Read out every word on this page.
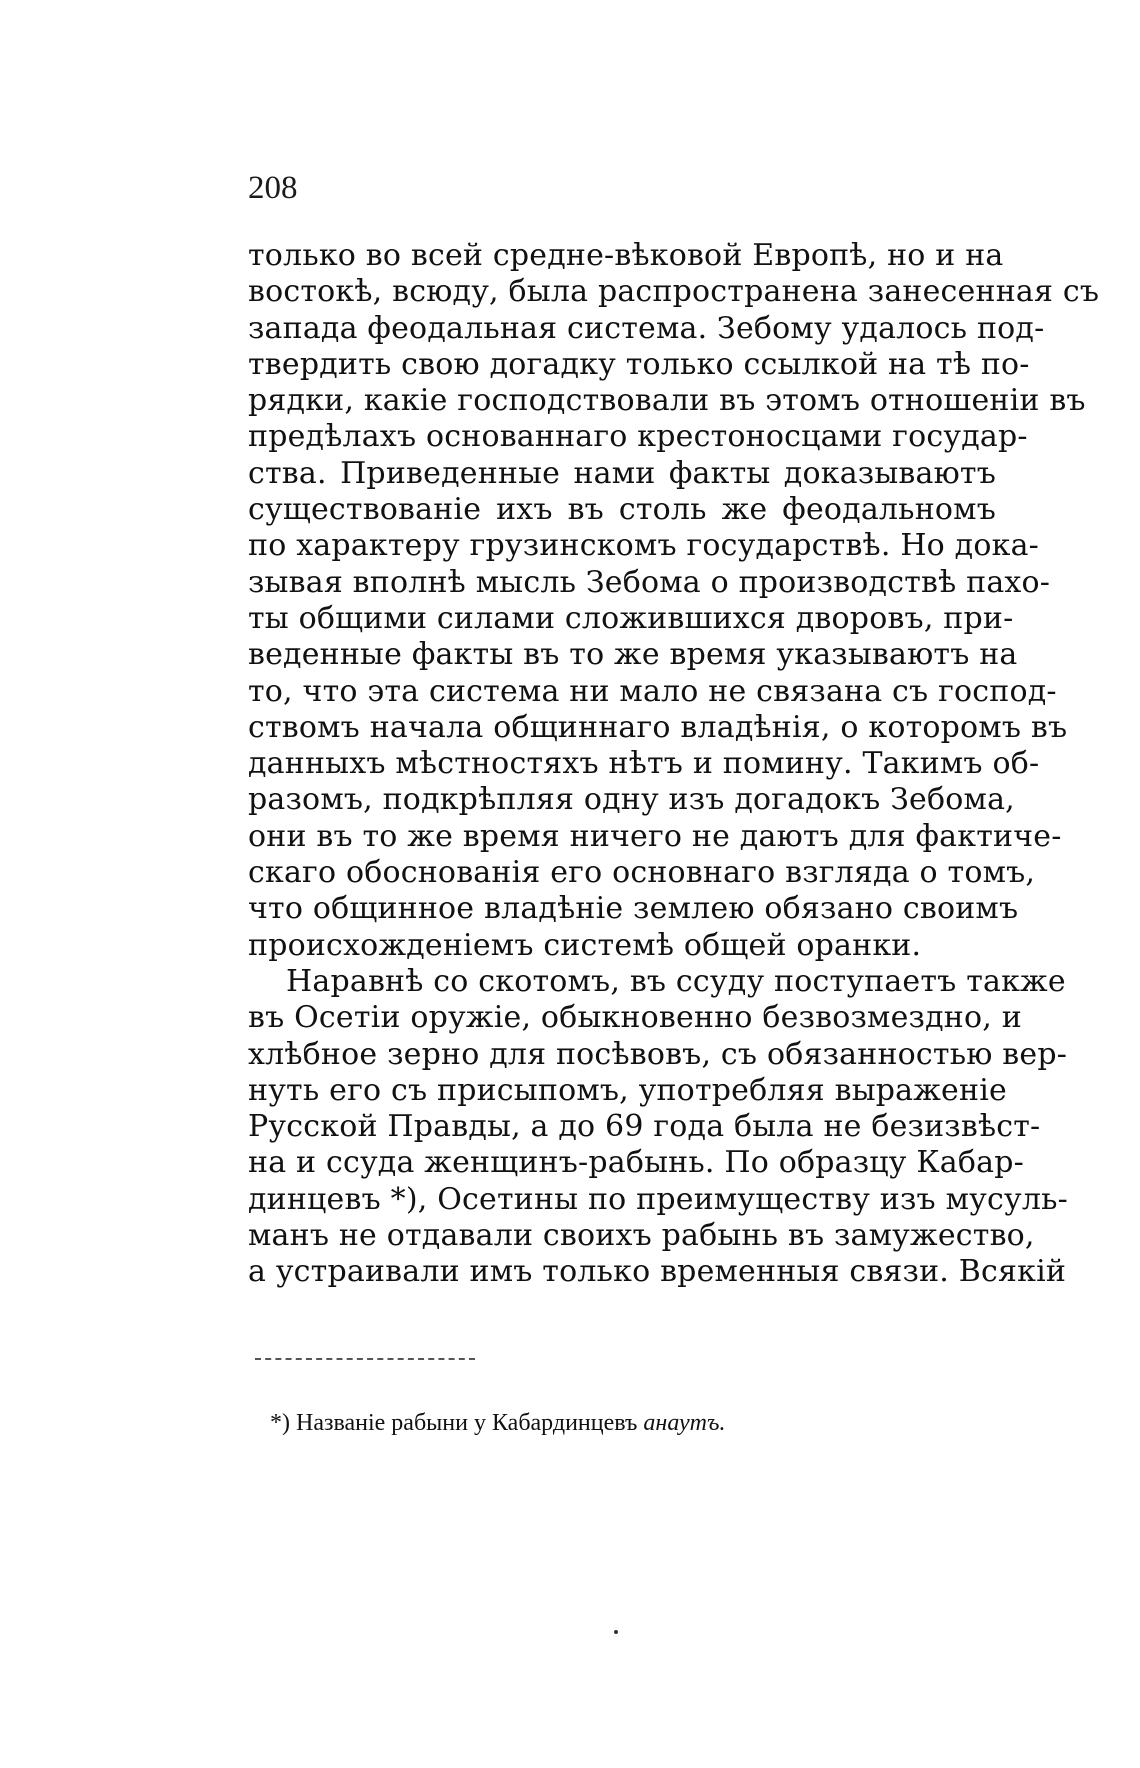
208
только во всей средне-вѣковой Европѣ, но и на
востокѣ, всюду, была распространена занесенная съ
запада феодальная система. Зебому удалось под-
твердить свою догадку только ссылкой на тѣ по-
рядки, какіе господствовали въ этомъ отношеніи въ
предѣлахъ основаннаго крестоносцами государ-
ства. Приведенные нами факты доказываютъ
существованіе ихъ въ столь же феодальномъ
по характеру грузинскомъ государствѣ. Но дока-
зывая вполнѣ мысль Зебома о производствѣ пахо-
ты общими силами сложившихся дворовъ, при-
веденные факты въ то же время указываютъ на
то, что эта система ни мало не связана съ господ-
ствомъ начала общиннаго владѣнія, о которомъ въ
данныхъ мѣстностяхъ нѣтъ и помину. Такимъ об-
разомъ, подкрѣпляя одну изъ догадокъ Зебома,
они въ то же время ничего не даютъ для фактиче-
скаго обоснованія его основнаго взгляда о томъ,
что общинное владѣніе землею обязано своимъ
происхожденіемъ системѣ общей оранки.
Наравнѣ со скотомъ, въ ссуду поступаетъ также
въ Осетіи оружіе, обыкновенно безвозмездно, и
хлѣбное зерно для посѣвовъ, съ обязанностью вер-
нуть его съ присыпомъ, употребляя выраженіе
Русской Правды, а до 69 года была не безизвѣст-
на и ссуда женщинъ-рабынь. По образцу Кабар-
динцевъ *), Осетины по преимуществу изъ мусуль-
манъ не отдавали своихъ рабынь въ замужество,
а устраивали имъ только временныя связи. Всякій
*) Названіе рабыни у Кабардинцевъ анаутъ.
